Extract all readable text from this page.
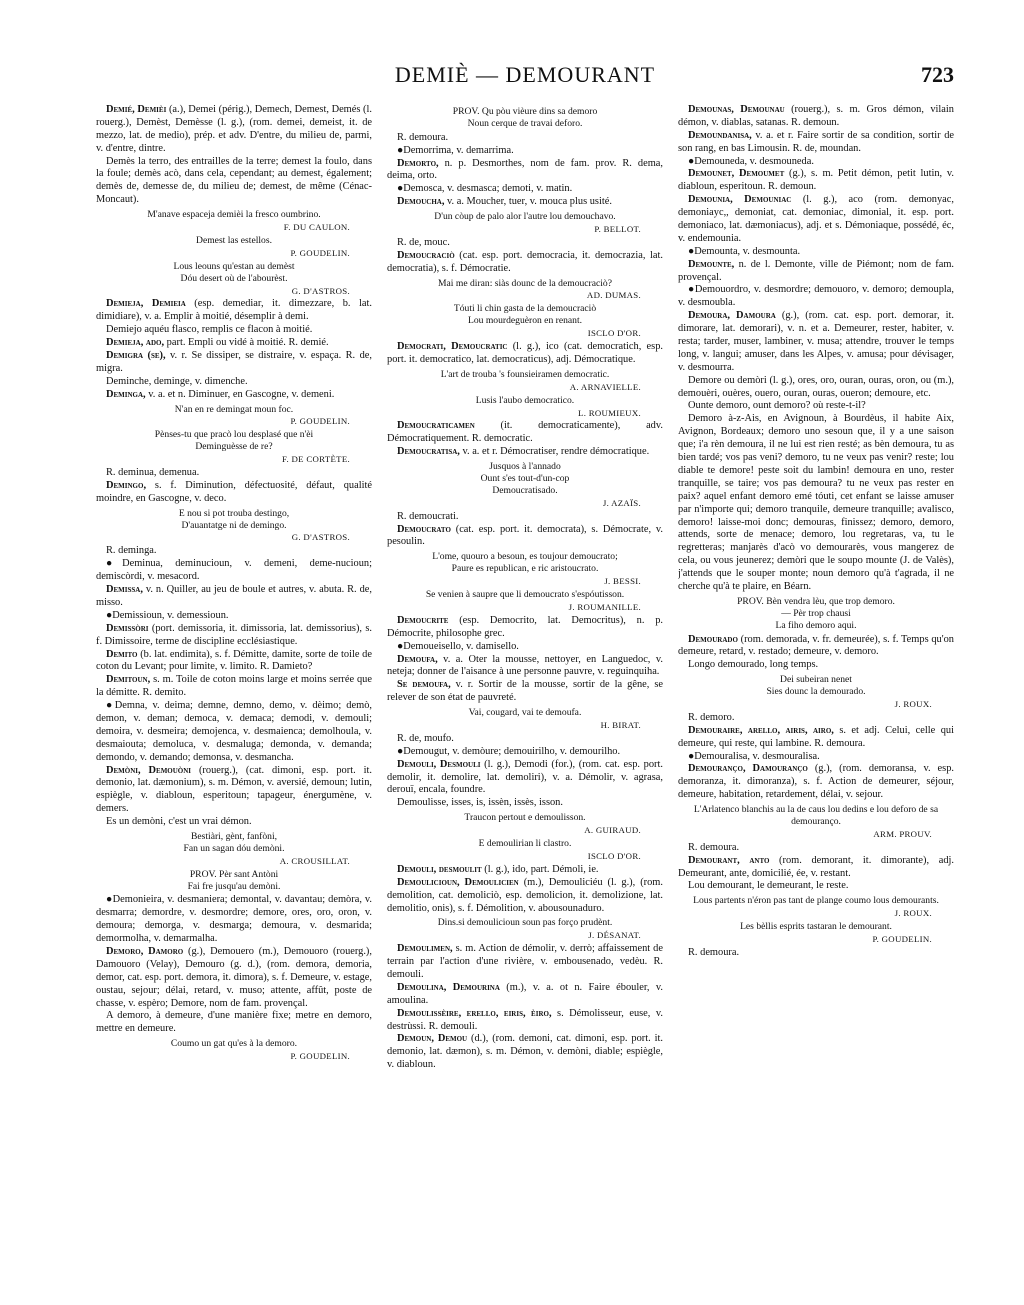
DEMIÈ — DEMOURANT	723

Demié, Demièi (a.), Demei (périg.), Demech, Demest, Demés (l. rouerg.), Demèst, Demèsse (l. g.), (rom. demei, demeist, it. de mezzo, lat. de medio), prép. et adv. D'entre, du milieu de, parmi, v. d'entre, dintre.

Demès la terro, des entrailles de la terre; demest la foulo, dans la foule; demès acò, dans cela, cependant; au demest, également; demès de, demesse de, du milieu de; demest, de même (Cénac-Moncaut).

M'anave espaceja demièi la fresco oumbrino.
F. DU CAULON.
Demest las estellos.
P. GOUDELIN.
Lous leouns qu'estan au demèst
Dóu desert où de l'abourèst.
G. D'ASTROS.

Demieja, Demieia (esp. demediar, it. dimezzare, b. lat. dimidiare), v. a. Emplir à moitié, désemplir à demi.

Demiejo aquéu flasco, remplis ce flacon à moitié.

Demieja, ado, part. Empli ou vidé à moitié. R. demié.

Demigra (se), v. r. Se dissiper, se distraire, v. espaça. R. de, migra.

Deminche, deminge, v. dimenche.

Deminga, v. a. et n. Diminuer, en Gascogne, v. demeni.

N'an en re demingat moun foc.
P. GOUDELIN.
Pènses-tu que pracò lou desplasé que n'èi
Deminguèsse de re?
F. DE CORTÈTE.

R. deminua, demenua.

Demingo, s. f. Diminution, défectuosité, défaut, qualité moindre, en Gascogne, v. deco.

E nou si pot trouba destingo,
D'auantatge ni de demingo.
G. D'ASTROS.

R. deminga.

●Deminua, deminucioun, v. demeni, deme-nucioun; demiscòrdi, v. mesacord.

Demissa, v. n. Quiller, au jeu de boule et autres, v. abuta. R. de, misso.

●Demissioun, v. demessioun.

Demissòri (port. demissoria, it. dimissoria, lat. demissorius), s. f. Dimissoire, terme de discipline ecclésiastique.

Demito (b. lat. endimita), s. f. Démitte, damite, sorte de toile de coton du Levant; pour limite, v. limito. R. Damieto?

Demitoun, s. m. Toile de coton moins large et moins serrée que la démitte. R. demito.

●Demna, v. deima; demne, demno, demo, v. dèimo; demò, demon, v. deman; democa, v. demaca; demodi, v. demouli; demoira, v. desmeira; demojenca, v. desmaienca; demolhoula, v. desmaiouta; demoluca, v. desmaluga; demonda, v. demanda; demondo, v. demando; demonsa, v. desmancha.

Demòni, Demouòni (rouerg.), (cat. dimoni, esp. port. it. demonio, lat. dæmonium), s. m. Démon, v. aversié, demoun; lutin, espiègle, v. diabloun, esperitoun; tapageur, énergumène, v. demers.

Es un demòni, c'est un vrai démon.

Bestiàri, gènt, fanfòni,
Fan un sagan dóu demòni.
A. CROUSILLAT.
PROV. Pèr sant Antòni
Fai fre jusqu'au demòni.

●Demonieira, v. desmaniera; demontal, v. davantau; demòra, v. desmarra; demordre, v. desmordre; demore, ores, oro, oron, v. demoura; demorga, v. desmarga; demoura, v. desmarida; demormolha, v. demarmalha.

Demoro, Damoro (g.), Demouero (m.), Demouoro (rouerg.), Damouoro (Velay), Demouro (g. d.), (rom. demora, demoria, demor, cat. esp. port. demora, it. dimora), s. f. Demeure, v. estage, oustau, sejour; délai, retard, v. muso; attente, affût, poste de chasse, v. espèro; Demore, nom de fam. provençal.

A demoro, à demeure, d'une manière fixe; metre en demoro, mettre en demeure.

Coumo un gat qu'es à la demoro.
P. GOUDELIN.
PROV. Qu pòu vièure dins sa demoro
Noun cerque de travai deforo.

R. demoura.

●Demorrima, v. demarrima.

Demorto, n. p. Desmorthes, nom de fam. prov. R. dema, deima, orto.

●Demosca, v. desmasca; demoti, v. matin.

Demoucha, v. a. Moucher, tuer, v. mouca plus usité.

D'un còup de palo alor l'autre lou demouchavo.
P. BELLOT.

R. de, mouc.

Demoucraciò (cat. esp. port. democracia, it. democrazia, lat. democratia), s. f. Démocratie.

Mai me diran: siàs dounc de la demoucraciò?
AD. DUMAS.
Tóuti li chin gasta de la demoucraciò
Lou mourdeguèron en renant.
ISCLO D'OR.

Democrati, Demoucratic (l. g.), ico (cat. democratich, esp. port. it. democratico, lat. democraticus), adj. Démocratique.

L'art de trouba 's founsieiramen democratic.
A. ARNAVIELLE.
Lusis l'aubo democratico.
L. ROUMIEUX.

Demoucraticamen (it. democraticamente), adv. Démocratiquement. R. democratic.

Demoucratisa, v. a. et r. Démocratiser, rendre démocratique.

Jusquos à l'annado
Ount s'es tout-d'un-cop
Demoucratisado.
J. AZAÏS.

R. demoucrati.

Demoucrato (cat. esp. port. it. democrata), s. Démocrate, v. pesoulin.

L'ome, quouro a besoun, es toujour demoucrato;
Paure es republican, e ric aristoucrato.
J. BESSI.
Se venien à saupre que li demoucrato s'espóutisson.
J. ROUMANILLE.

Demoucrite (esp. Democrito, lat. Democritus), n. p. Démocrite, philosophe grec.

●Demoueisello, v. damisello.

Demoufa, v. a. Oter la mousse, nettoyer, en Languedoc, v. neteja; donner de l'aisance à une personne pauvre, v. reguinquiha.

Se demoufa, v. r. Sortir de la mousse, sortir de la gêne, se relever de son état de pauvreté.

Vai, cougard, vai te demoufa.
H. BIRAT.

R. de, moufo.

●Demougut, v. demòure; demouirilho, v. demourilho.

Demouli, Desmouli (l. g.), Demodi (for.), (rom. cat. esp. port. demolir, it. demolire, lat. demoliri), v. a. Démolir, v. agrasa, derouï, encala, foundre.

Demoulisse, isses, is, issèn, issès, isson.

Traucon pertout e demoulisson.
A. GUIRAUD.
E demoulirian li clastro.
ISCLO D'OR.

Demouli, desmoulit (l. g.), ido, part. Démoli, ie.

Demoulicioun, Demoulicien (m.), Demouliciéu (l. g.), (rom. demolition, cat. demoliciò, esp. demolicion, it. demolizione, lat. demolitio, onis), s. f. Démolition, v. abousounaduro.

Dins.si demoulicioun soun pas forço prudènt.
J. DÉSANAT.

Demoulimen, s. m. Action de démolir, v. derrò; affaissement de terrain par l'action d'une rivière, v. embousenado, vedèu. R. demouli.

Demoulina, Demourina (m.), v. a. ot n. Faire ébouler, v. amoulina.

Demoulissèire, erello, eiris, èiro, s. Démolisseur, euse, v. destrùssi. R. demouli.

Demoun, Demou (d.), (rom. demoni, cat. dimoni, esp. port. it. demonio, lat. dæmon), s. m. Démon, v. demòni, diable; espiègle, v. diabloun.

Demounas, Demounau (rouerg.), s. m. Gros démon, vilain démon, v. diablas, satanas. R. demoun.

Demoundanisa, v. a. et r. Faire sortir de sa condition, sortir de son rang, en bas Limousin. R. de, moundan.

●Demouneda, v. desmouneda.

Demounet, Demoumet (g.), s. m. Petit démon, petit lutin, v. diabloun, esperitoun. R. demoun.

Demounia, Demouniac (l. g.), aco (rom. demonyac, demoniayc,, demoniat, cat. demoniac, dimonial, it. esp. port. demoniaco, lat. dæmoniacus), adj. et s. Démoniaque, possédé, éc, v. endemounia.

●Demounta, v. desmounta.

Demounte, n. de l. Demonte, ville de Piémont; nom de fam. provençal.

●Demouordro, v. desmordre; demouoro, v. demoro; demoupla, v. desmoubla.

Demoura, Damoura (g.), (rom. cat. esp. port. demorar, it. dimorare, lat. demorari), v. n. et a. Demeurer, rester, habiter, v. resta; tarder, muser, lambiner, v. musa; attendre, trouver le temps long, v. langui; amuser, dans les Alpes, v. amusa; pour dévisager, v. desmourra.

Demore ou demòri (l. g.), ores, oro, ouran, ouras, oron, ou (m.), demouèri, ouères, ouero, ouran, ouras, oueron; demoure, etc.

Ounte demoro, ount demoro? où reste-t-il?

Demoro à-z-Ais, en Avignoun, à Bourdèus, il habite Aix, Avignon, Bordeaux; demoro uno sesoun que, il y a une saison que; i'a rèn demoura, il ne lui est rien resté; as bèn demoura, tu as bien tardé; vos pas veni? demoro, tu ne veux pas venir? reste; lou diable te demore! peste soit du lambin! demoura en uno, rester tranquille, se taire; vos pas demoura? tu ne veux pas rester en paix? aquel enfant demoro emé tóuti, cet enfant se laisse amuser par n'importe qui; demoro tranquile, demeure tranquille; avalisco, demoro! laisse-moi donc; demouras, finissez; demoro, demoro, attends, sorte de menace; demoro, lou regretaras, va, tu le regretteras; manjarès d'acò vo demourarès, vous mangerez de cela, ou vous jeunerez; demòri que le soupo mounte (J. de Valès), j'attends que le souper monte; noun demoro qu'à t'agrada, il ne cherche qu'à te plaire, en Béarn.

PROV. Bèn vendra lèu, que trop demoro.
— Pèr trop chausi
La fiho demoro aqui.

Demourado (rom. demorada, v. fr. demeurée), s. f. Temps qu'on demeure, retard, v. restado; demeure, v. demoro.

Longo demourado, long temps.

Dei subeiran nenet
Sies dounc la demourado.
J. ROUX.

R. demoro.

Demouraire, arello, airis, airo, s. et adj. Celui, celle qui demeure, qui reste, qui lambine. R. demoura.

●Demouralisa, v. desmouralisa.

Demouranço, Damouranço (g.), (rom. demoransa, v. esp. demoranza, it. dimoranza), s. f. Action de demeurer, séjour, demeure, habitation, retardement, délai, v. sejour.

L'Arlatenco blanchis au la de caus lou dedins e lou deforo de sa demouranço.
ARM. PROUV.

R. demoura.

Demourant, anto (rom. demorant, it. dimorante), adj. Demeurant, ante, domicilié, ée, v. restant.

Lou demourant, le demeurant, le reste.

Lous partents n'éron pas tant de plange coumo lous demourants.
J. ROUX.
Les bèllis esprits tastaran le demourant.
P. GOUDELIN.

R. demoura.
